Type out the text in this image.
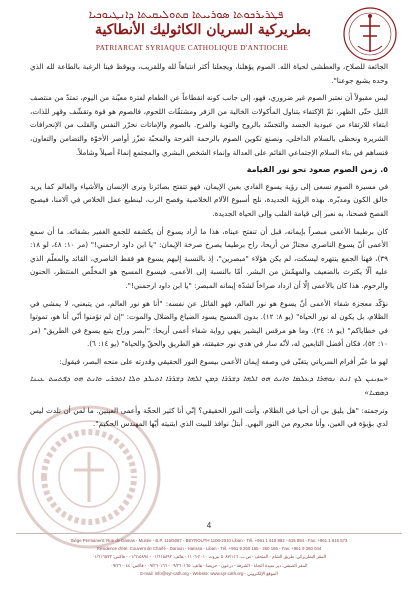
ܦܛܪܝܪܟܘܬܐ ܣܘܪܝܝܬܐ ܩܬܘܠܝܩܝܬܐ ܕܐܢܛܝܘܟܝܐ
بطريركية السريان الكاثوليك الأنطاكية
PATRIARCAT SYRIAQUE CATHOLIQUE D'ANTIOCHE

الجائعة للصلاح، والعطشى لحياة الله. الصوم يؤهلنا، ويجعلنا أكثر انتباهاً لله وللقريب، ويوقظ فينا الرغبة بالطاعة لله الذي وحده يشبع جوعنا".

ليس مقبولاً أن نعتبر الصوم غير ضروري، فهو، إلى جانب كونه انقطاعاً عن الطعام لفترة معيّنة من اليوم، تمتدّ من منتصف الليل حتّى الظهر، ثمّ الإكتفاء بتناول المأكولات الخالية من الزفر ومشتقّات اللحوم، فالصوم هو قوة وتقشّف وقهر للذات، ابتغاء للارتقاء من عبودية الجسد والتجسّد بالروح والتوبة والفرح. بالصوم والإماتات نحرّر النفس والقلب من الإنحرافات الشريرة ونحظى بالسلام الداخلي، ونصنع تكوين الصوم بالرحمة الفرحة والمحبّة تعزّز أواصر الأخوّة والتضامن والتعاون، فنساهم في بناء السلام الإجتماعي القائم على العدالة وإنماء الشخص البشري والمجتمع إنماءً أصيلاً وشاملاً.

٥. زمن الصوم صعود نحو نور القيامة

في مسيرة الصوم نسعى إلى رؤية يسوع الفادي بعين الإيمان، فهو تتفتح بصائرنا ونرى الإنسان والأشياء والعالم كما يريد خالق الكون ومدبّره. بهذه الرؤية الجديدة، نلج أسبوع الآلام الخلاصية وفصح الرب، لينطبع عمل الخلاص في آلامنا، فيصبح الفصح فصحنا، به نعبر إلى قيامة القلب وإلى الحياة الجديدة.

كان برطيما الأعمى مبصراً بإيمانه، قبل أن تنفتح عيناه، هذا ما أراد يسوع أن يكشفه للجمع الغفير بشفائه. ما أن سمع الأعمى أنّ يسوع الناصري مجتازٌ من أريحا، راح برطيما يصرخ صرخة الإيمان: "يا ابن داود ارحمني!" (مر ١٠: ٤٨، لو ١٨: ٣٩)، فهنا الجمع ينتهره ليسكت، لم يكن هؤلاء "مبصرين"، إذ بالنسبة إليهم يسوع هو فقط الناصري، القائد والمعلّم الذي عليه ألّا يكترث بالضعيف والمهمّش من البشر. أمّا بالنسبة إلى الأعمى، فيسوع المسيح هو المخلّص المنتظر، الحنون والرحوم. هذا كان بالأعمى إلّا أن ازداد صراخاً لشدّة إيمانه المبصر: "يا ابن داود ارحمني!".

نؤكّد معجزة شفاء الأعمى أنّ يسوع هو نور العالم، فهو القائل عن نفسه: "أنا هو نور العالم، من يتبعني، لا يمشي في الظلام، بل يكون له نور الحياة" (يو ٨: ١٢). بدون المسيح يسود الضياع والضلال والموت: "إن لم تؤمنوا أنّي أنا هو، تموتوا في خطاياكم" (يو ٨: ٢٤). وما هو مرقس البشير ينهي رواية شفاء أعمى أريحا: "أبصر وراح يتبع يسوع في الطريق" (مر ١٠: ٥٢)، فكان أفضل التابعين له، لأنّه سار في هدي نور حقيقته، هو الطريق والحقّ والحياة" (يو ١٤: ٦).

لهو ما عبّر أفرام السرياني يتغنّى في وصفه إيمان الأعمى بيسوع النور الحقيقي وقدرته على منحه البصر، فيقول:

«ܚܙܝܢܢ ܠܟ ܐܢܬ ܢܘܗܪܐ ܕܥܠܡܐ ܘܐܢܬ ܗܘ ܐܠܗܐ ܕܫܪܪܐ ܕܡܢ ܐܠܗܐ ܕܫܪܪܐ ܐܬܝܠܕ ܘܠܐ ܐܬܒܪܝ ܘܐܢܬ ܗܘ ܕܦܬܚܬ ܥܝܢܐ ܕܣܡܝܐ»

وترجمته: "هل يليق بي أن أحيا في الظلام، وأنت النور الحقيقي؟ إنّي أنا كثير الحجّة وأعمى العينين. ما لمن أن تلدت ليس لدي بؤبؤة في العين، وأنا محروم من النور البهي. أبتلُ نوافذ للبيت الذي ابتنيته أيّها المهندس الحكيم".

4
Siège Permanent: Rue de Damas - Musée - B.P. 116/5087 - BEYROUTH 1106-2010 Liban - Tél. +961 1 615 892 - 615 894 - Fax: +961 1 616 573
Résidence d'été: Couvent de Charfé - Daroun - Harissa - Liban - Tél. +961 9 260 165 - 260 166 - Fax: +961 9 260 044
المقر البطريركي: طريق الشام - المتحف - ص.ب. ٥٠٨٧/١١٦ بيروت ٢٠١٠-١١٠٦ - هاتف: ٠١/٦١٥٨٩٢ - ٠١/٦١٥٨٩٤ - فاكس: ٠١/٦١٦٥٧٣
المقر الصيفي: دير سيدة النجاة - الشرفة - درعون - حريصا - هاتف: ٠٩/٢٦٠١٦٥ - ٠٩/٢٦٠١٦٦ - فاكس: ٠٩/٢٦٠٠٤٤
E-mail: info@syr-cath.org - Website: www.syr-cath.org - الموقع الإلكتروني
